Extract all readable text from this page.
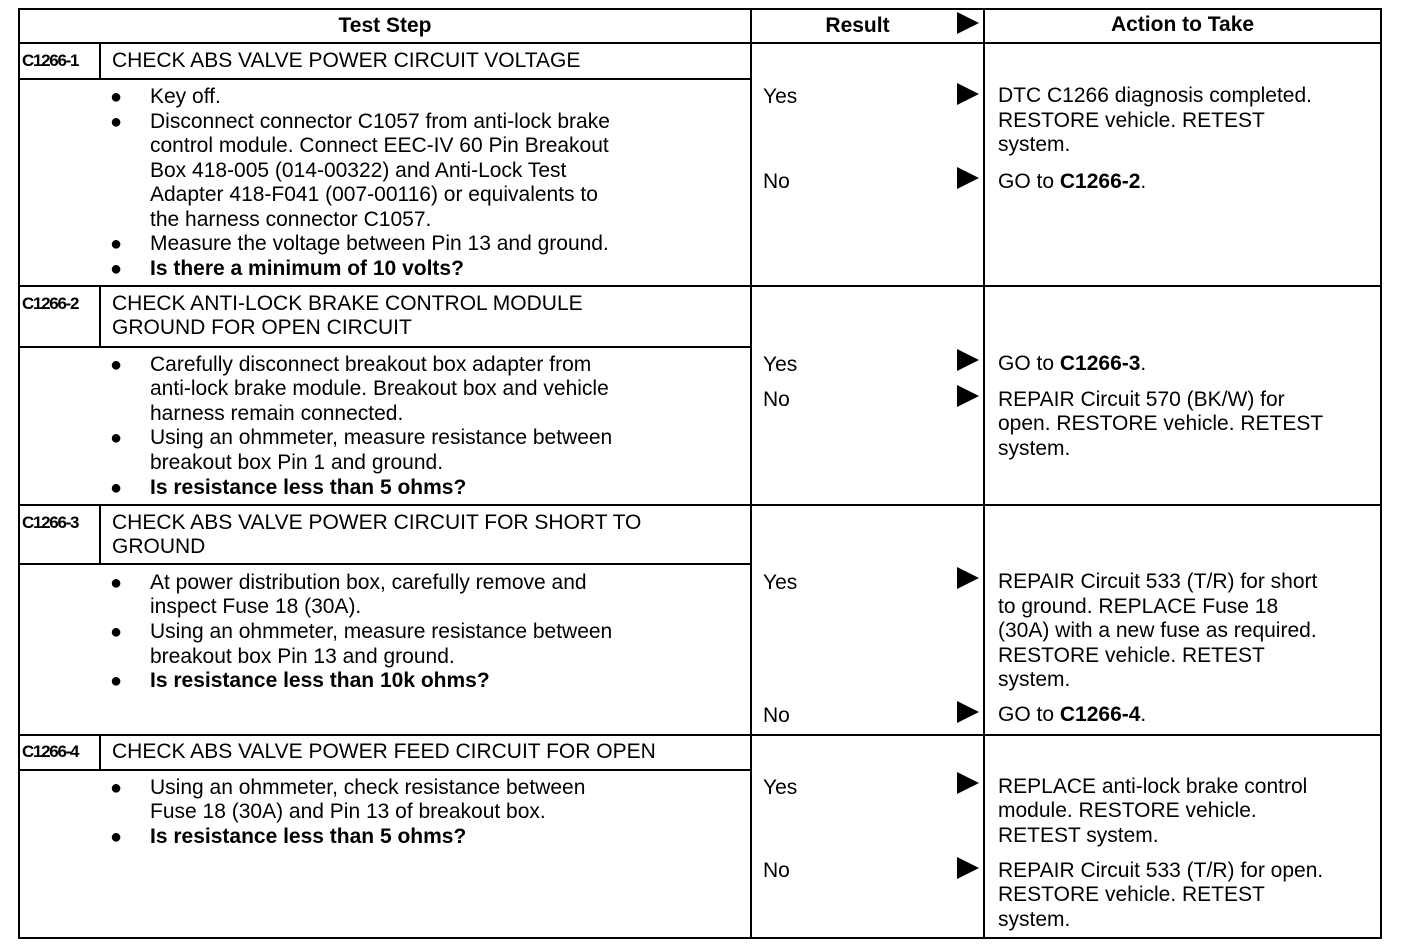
Test Step	Result	Action to Take
C1266-1	CHECK ABS VALVE POWER CIRCUIT VOLTAGE
● Key off.
● Disconnect connector C1057 from anti-lock brake
control module. Connect EEC-IV 60 Pin Breakout
Box 418-005 (014-00322) and Anti-Lock Test
Adapter 418-F041 (007-00116) or equivalents to
the harness connector C1057.
● Measure the voltage between Pin 13 and ground.
● Is there a minimum of 10 volts?
Yes	DTC C1266 diagnosis completed.
RESTORE vehicle. RETEST
system.
No	GO to C1266-2.
C1266-2	CHECK ANTI-LOCK BRAKE CONTROL MODULE
GROUND FOR OPEN CIRCUIT
● Carefully disconnect breakout box adapter from
anti-lock brake module. Breakout box and vehicle
harness remain connected.
● Using an ohmmeter, measure resistance between
breakout box Pin 1 and ground.
● Is resistance less than 5 ohms?
Yes	GO to C1266-3.
No	REPAIR Circuit 570 (BK/W) for
open. RESTORE vehicle. RETEST
system.
C1266-3	CHECK ABS VALVE POWER CIRCUIT FOR SHORT TO
GROUND
● At power distribution box, carefully remove and
inspect Fuse 18 (30A).
● Using an ohmmeter, measure resistance between
breakout box Pin 13 and ground.
● Is resistance less than 10k ohms?
Yes	REPAIR Circuit 533 (T/R) for short
to ground. REPLACE Fuse 18
(30A) with a new fuse as required.
RESTORE vehicle. RETEST
system.
No	GO to C1266-4.
C1266-4	CHECK ABS VALVE POWER FEED CIRCUIT FOR OPEN
● Using an ohmmeter, check resistance between
Fuse 18 (30A) and Pin 13 of breakout box.
● Is resistance less than 5 ohms?
Yes	REPLACE anti-lock brake control
module. RESTORE vehicle.
RETEST system.
No	REPAIR Circuit 533 (T/R) for open.
RESTORE vehicle. RETEST
system.
